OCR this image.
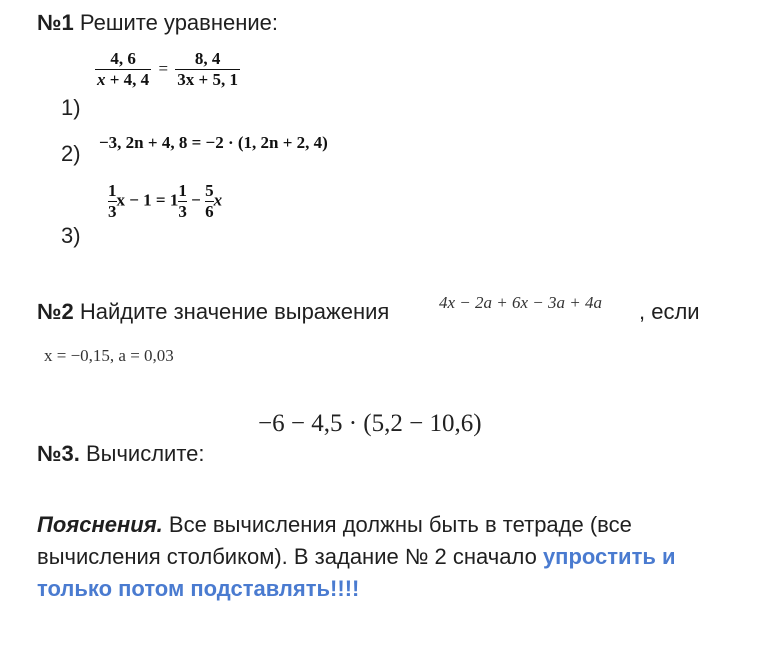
№1 Решите уравнение:
1)
$\frac{4, 6}{x + 4, 4} = \frac{8, 4}{3x + 5, 1}$
2) −3, 2n + 4, 8 = −2 · (1, 2n + 2, 4)
3)
$\frac{1}{3}$ $x - 1 = 1 \frac{1}{3} - \frac{5}{6}$ x
№2 Найдите значение выражения	4x − 2a + 6x − 3a + 4a , если
x = −0,15, a = 0,03
−6 − 4,5 · (5,2 − 10,6)
№3. Вычислите:
Пояснения. Все вычисления должны быть в тетраде (все
вычисления столбиком). В задание № 2 сначало упростить и
только потом подставлять!!!!
